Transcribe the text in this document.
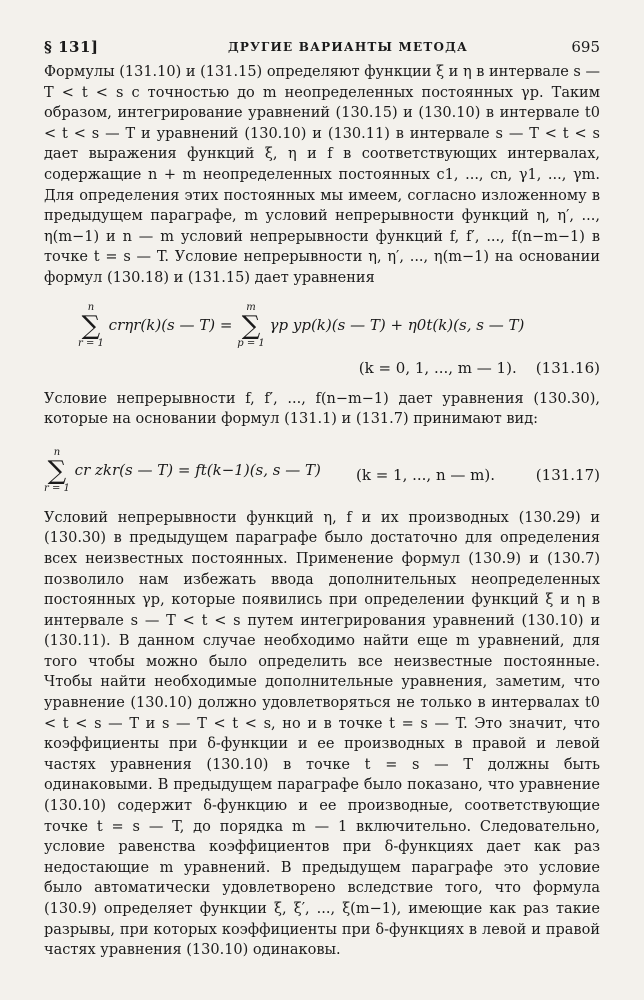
§ 131]	ДРУГИЕ ВАРИАНТЫ МЕТОДА	695

Формулы (131.10) и (131.15) определяют функции ξ и η в интервале s — T < t < s с точностью до m неопределенных постоянных γp. Таким образом, интегрирование уравнений (130.15) и (130.10) в интервале t0 < t < s — T и уравнений (130.10) и (130.11) в интервале s — T < t < s дает выражения функций ξ, η и f в соответствующих интервалах, содержащие n + m неопределенных постоянных c1, ..., cn, γ1, ..., γm. Для определения этих постоянных мы имеем, согласно изложенному в предыдущем параграфе, m условий непрерывности функций η, η′, ..., η(m−1) и n — m условий непрерывности функций f, f′, ..., f(n−m−1) в точке t = s — T. Условие непрерывности η, η′, ..., η(m−1) на основании формул (130.18) и (131.15) дает уравнения

n
∑
r = 1
crηr(k)(s — T) =
m
∑
p = 1
γp yp(k)(s — T) + η0t(k)(s, s — T)
(k = 0, 1, ..., m — 1). (131.16)

Условие непрерывности f, f′, ..., f(n−m−1) дает уравнения (130.30), которые на основании формул (131.1) и (131.7) принимают вид:

n
∑
r = 1
cr zkr(s — T) = ft(k−1)(s, s — T) (k = 1, ..., n — m).	(131.17)

Условий непрерывности функций η, f и их производных (130.29) и (130.30) в предыдущем параграфе было достаточно для определения всех неизвестных постоянных. Применение формул (130.9) и (130.7) позволило нам избежать ввода дополнительных неопределенных постоянных γp, которые появились при определении функций ξ и η в интервале s — T < t < s путем интегрирования уравнений (130.10) и (130.11). В данном случае необходимо найти еще m уравнений, для того чтобы можно было определить все неизвестные постоянные. Чтобы найти необходимые дополнительные уравнения, заметим, что уравнение (130.10) должно удовлетворяться не только в интервалах t0 < t < s — T и s — T < t < s, но и в точке t = s — T. Это значит, что коэффициенты при δ-функции и ее производных в правой и левой частях уравнения (130.10) в точке t = s — T должны быть одинаковыми. В предыдущем параграфе было показано, что уравнение (130.10) содержит δ-функцию и ее производные, соответствующие точке t = s — T, до порядка m — 1 включительно. Следовательно, условие равенства коэффициентов при δ-функциях дает как раз недостающие m уравнений. В предыдущем параграфе это условие было автоматически удовлетворено вследствие того, что формула (130.9) определяет функции ξ, ξ′, ..., ξ(m−1), имеющие как раз такие разрывы, при которых коэффициенты при δ-функциях в левой и правой частях уравнения (130.10) одинаковы.
